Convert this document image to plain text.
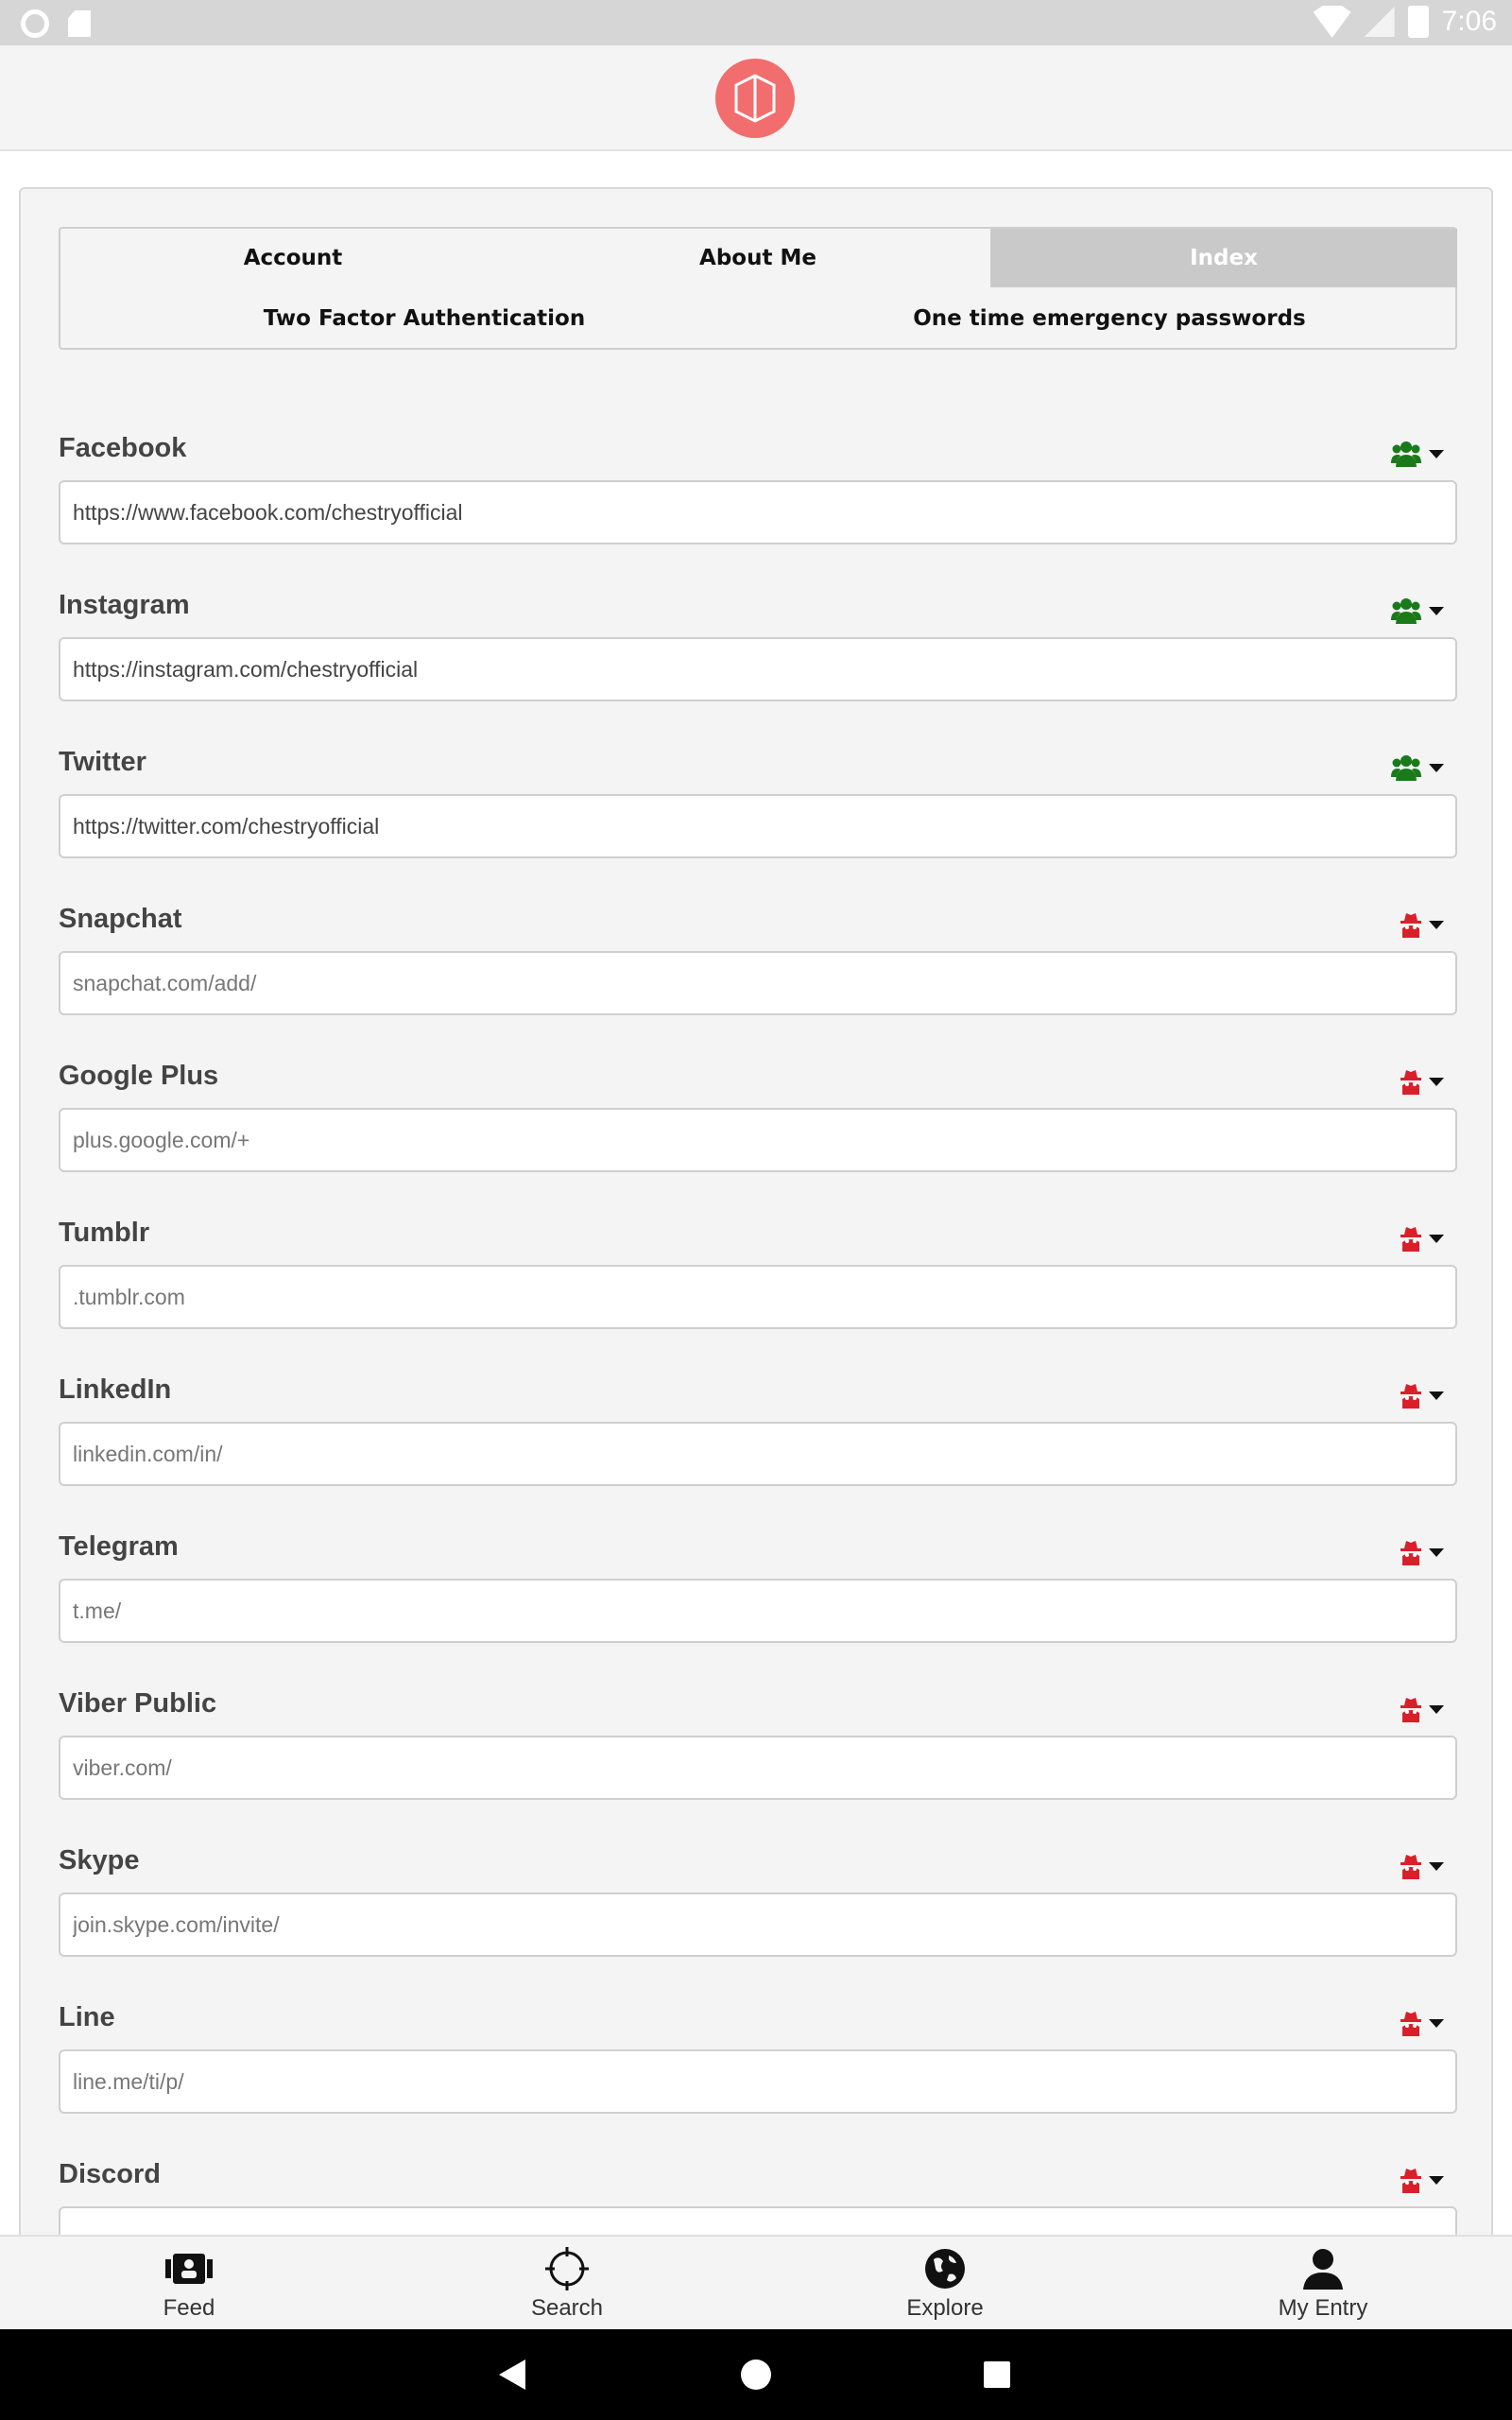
7:06
Account	About Me	Index
Two Factor Authentication	One time emergency passwords
Facebook
https://www.facebook.com/chestryofficial
Instagram
https://instagram.com/chestryofficial
Twitter
https://twitter.com/chestryofficial
Snapchat
snapchat.com/add/
Google Plus
plus.google.com/+
Tumblr
.tumblr.com
LinkedIn
linkedin.com/in/
Telegram
t.me/
Viber Public
viber.com/
Skype
join.skype.com/invite/
Line
line.me/ti/p/
Discord
Feed	Search	Explore	My Entry
